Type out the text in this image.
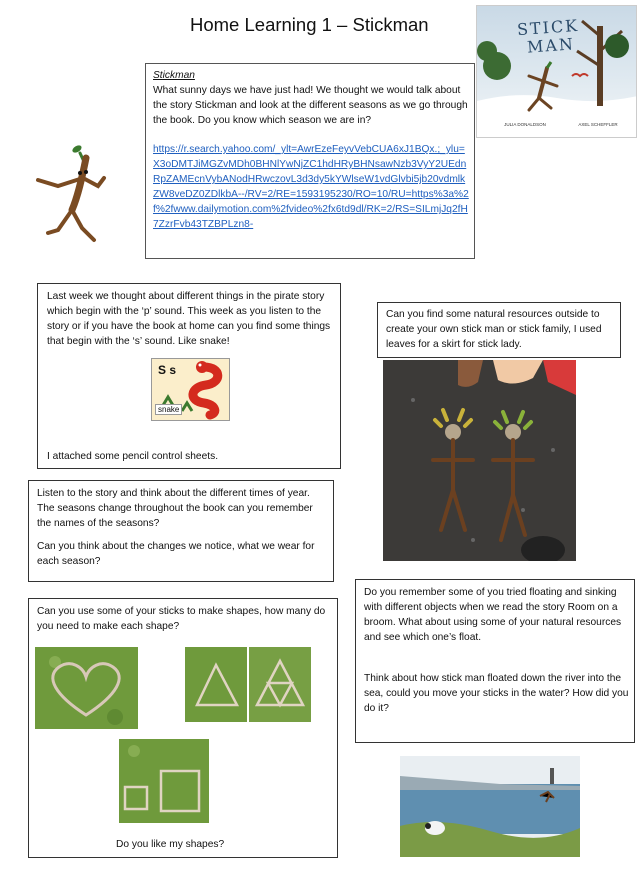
Home Learning 1 – Stickman	STICK
MAN
JULIA DONALDSON	AXEL SCHEFFLER
Stickman
What sunny days we have just had! We thought we would talk about the story Stickman and look at the different seasons as we go through the book. Do you know which season we are in?
https://r.search.yahoo.com/_ylt=AwrEzeFeyvVebCUA6xJ1BQx.;_ylu=X3oDMTJiMGZvMDh0BHNlYwNjZC1hdHRyBHNsawNzb3VyY2UEdnRpZAMEcnVybANodHRwczovL3d3dy5kYWlseW1vdGlvbi5jb20vdmlkZW8veDZ0ZDlkbA--/RV=2/RE=1593195230/RO=10/RU=https%3a%2f%2fwww.dailymotion.com%2fvideo%2fx6td9dl/RK=2/RS=SILmjJq2fH7ZzrFvb43TZBPLzn8-
Last week we thought about different things in the pirate story which begin with the ‘p’ sound. This week as you listen to the story or if you have the book at home can you find some things that begin with the ‘s’ sound. Like snake!
S s
snake
I attached some pencil control sheets.
Can you find some natural resources outside to create your own stick man or stick family, I used leaves for a skirt for stick lady.
Listen to the story and think about the different times of year. The seasons change throughout the book can you remember the names of the seasons?
Can you think about the changes we notice, what we wear for each season?
Do you remember some of you tried floating and sinking with different objects when we read the story Room on a broom. What about using some of your natural resources and see which one’s float.
Think about how stick man floated down the river into the sea, could you move your sticks in the water? How did you do it?
Can you use some of your sticks to make shapes, how many do you need to make each shape?
Do you like my shapes?
